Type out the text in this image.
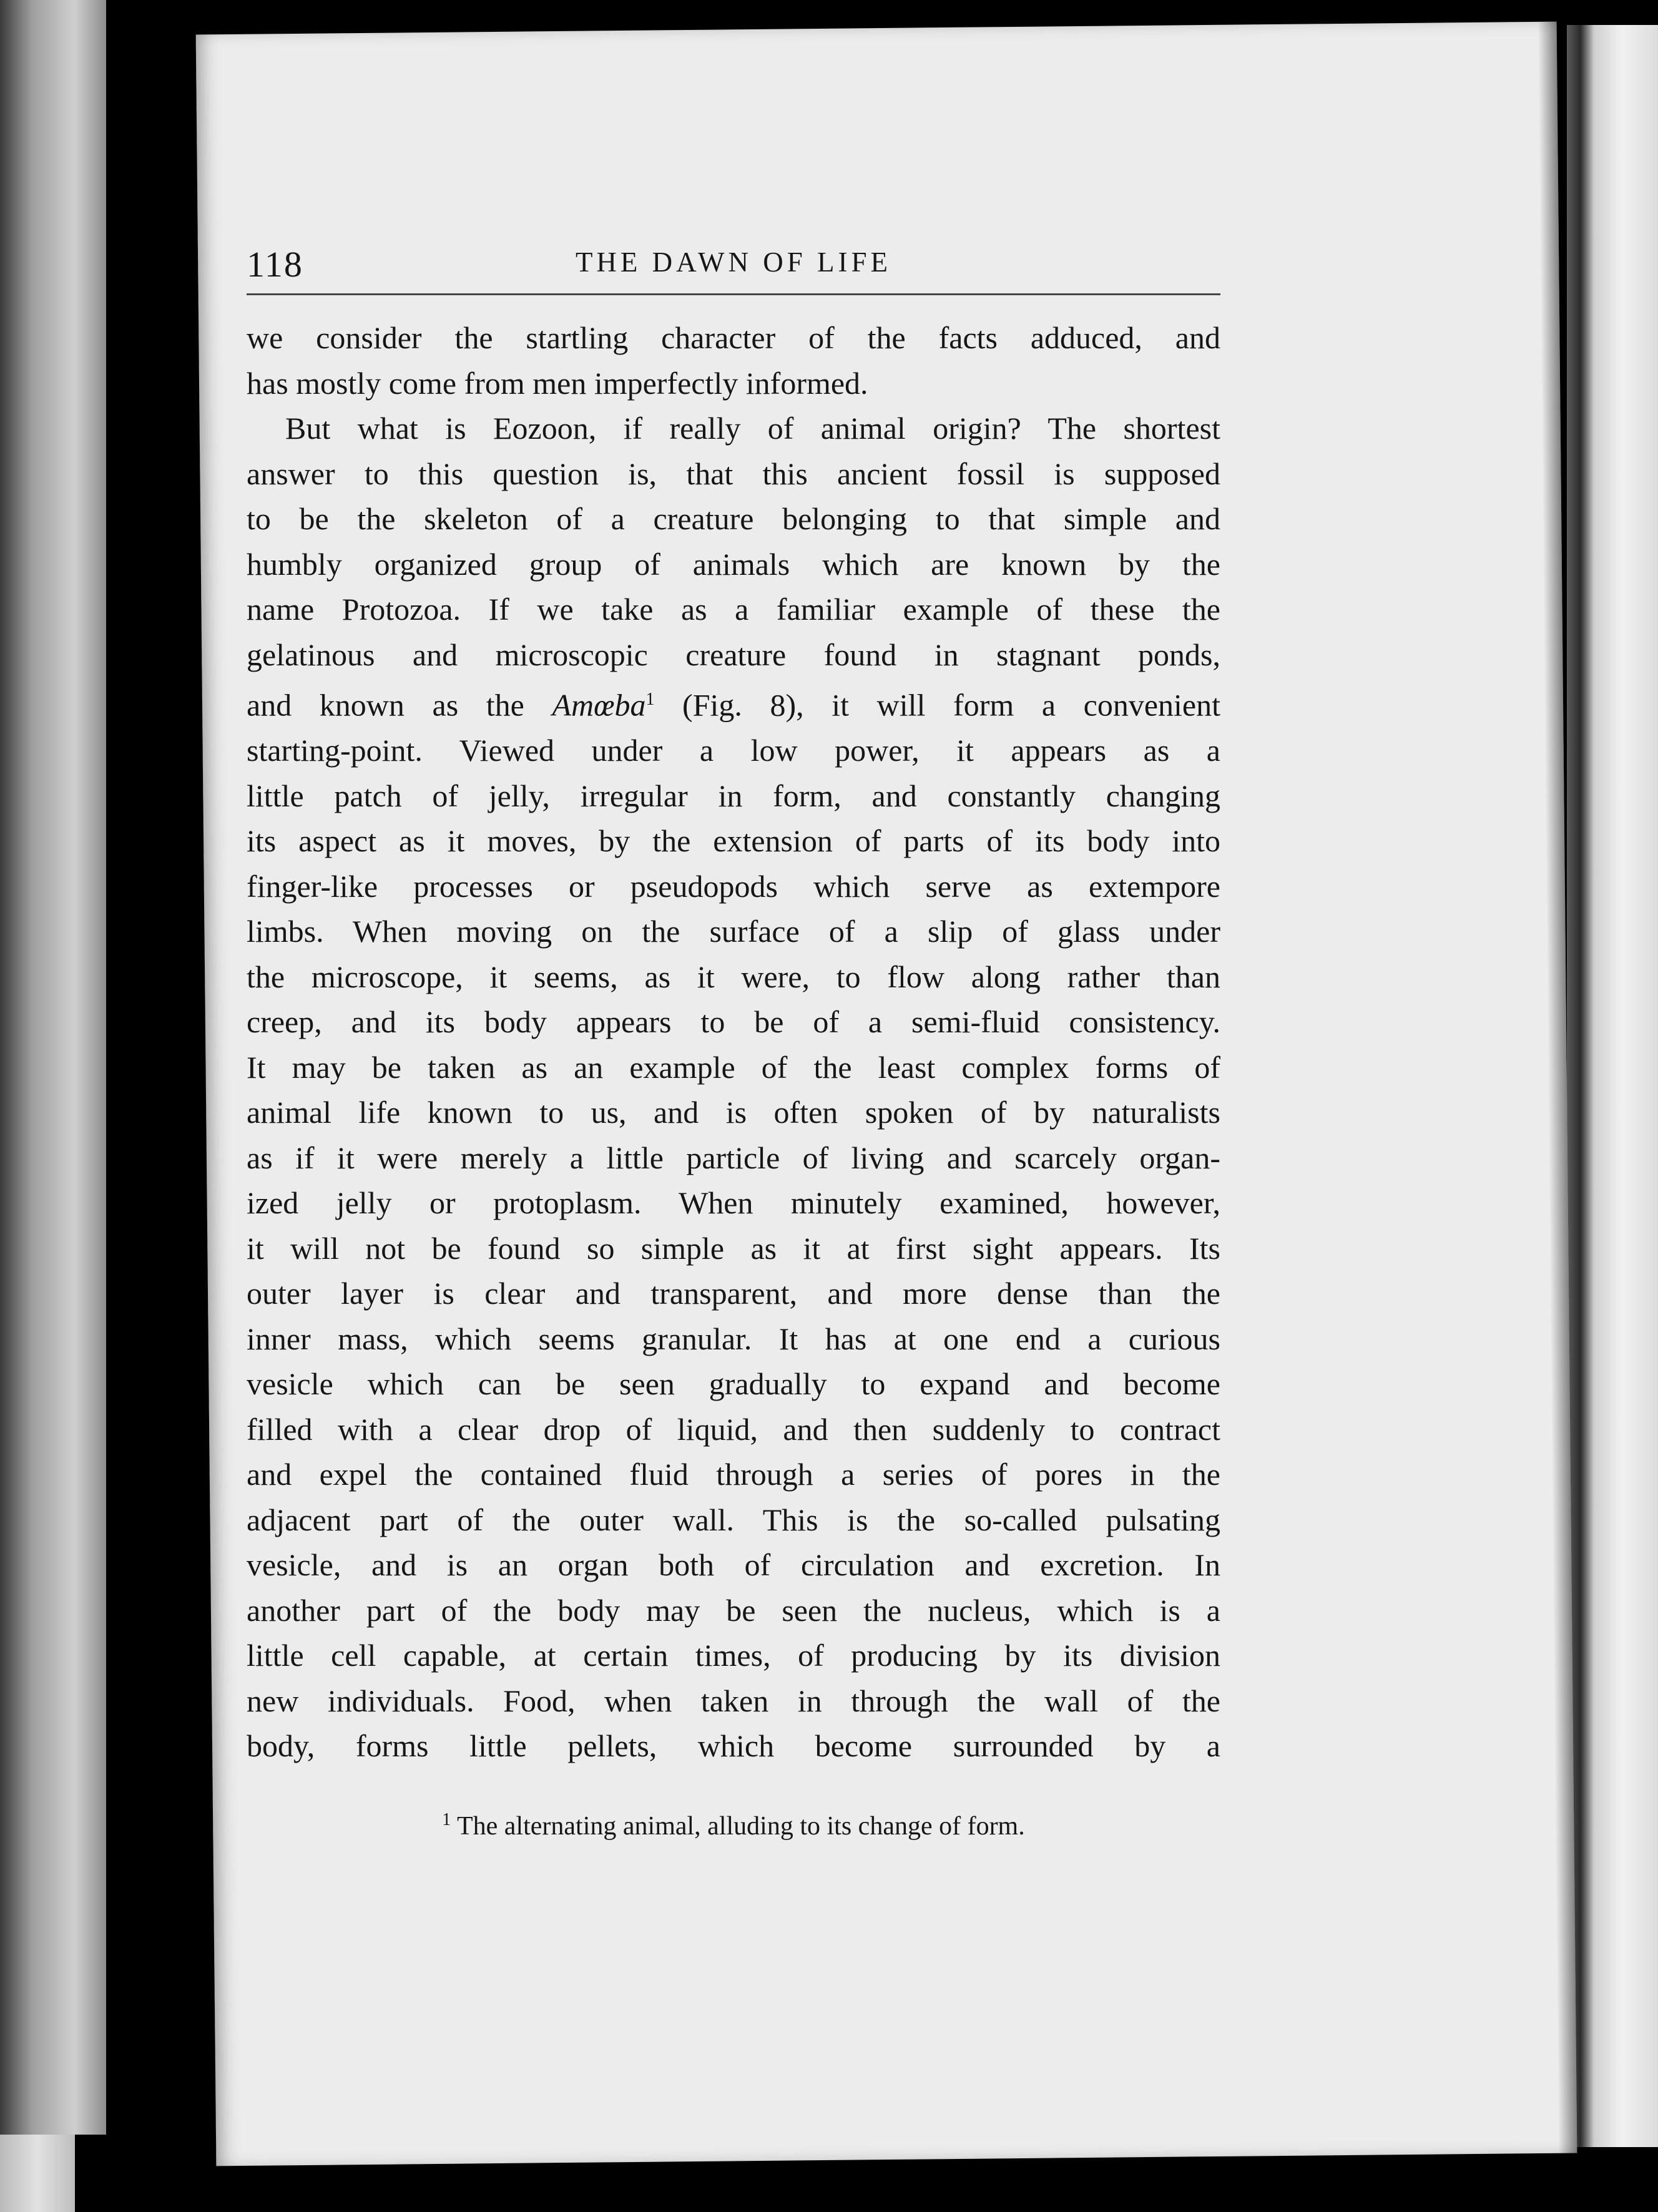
118	THE DAWN OF LIFE
we consider the startling character of the facts adduced, and
has mostly come from men imperfectly informed.
But what is Eozoon, if really of animal origin? The shortest
answer to this question is, that this ancient fossil is supposed
to be the skeleton of a creature belonging to that simple and
humbly organized group of animals which are known by the
name Protozoa. If we take as a familiar example of these the
gelatinous and microscopic creature found in stagnant ponds,
and known as the Amœba$^1$ (Fig. 8), it will form a convenient
starting-point. Viewed under a low power, it appears as a
little patch of jelly, irregular in form, and constantly changing
its aspect as it moves, by the extension of parts of its body into
finger-like processes or pseudopods which serve as extempore
limbs. When moving on the surface of a slip of glass under
the microscope, it seems, as it were, to flow along rather than
creep, and its body appears to be of a semi-fluid consistency.
It may be taken as an example of the least complex forms of
animal life known to us, and is often spoken of by naturalists
as if it were merely a little particle of living and scarcely organ-
ized jelly or protoplasm. When minutely examined, however,
it will not be found so simple as it at first sight appears. Its
outer layer is clear and transparent, and more dense than the
inner mass, which seems granular. It has at one end a curious
vesicle which can be seen gradually to expand and become
filled with a clear drop of liquid, and then suddenly to contract
and expel the contained fluid through a series of pores in the
adjacent part of the outer wall. This is the so-called pulsating
vesicle, and is an organ both of circulation and excretion. In
another part of the body may be seen the nucleus, which is a
little cell capable, at certain times, of producing by its division
new individuals. Food, when taken in through the wall of the
body, forms little pellets, which become surrounded by a
$^1$ The alternating animal, alluding to its change of form.
